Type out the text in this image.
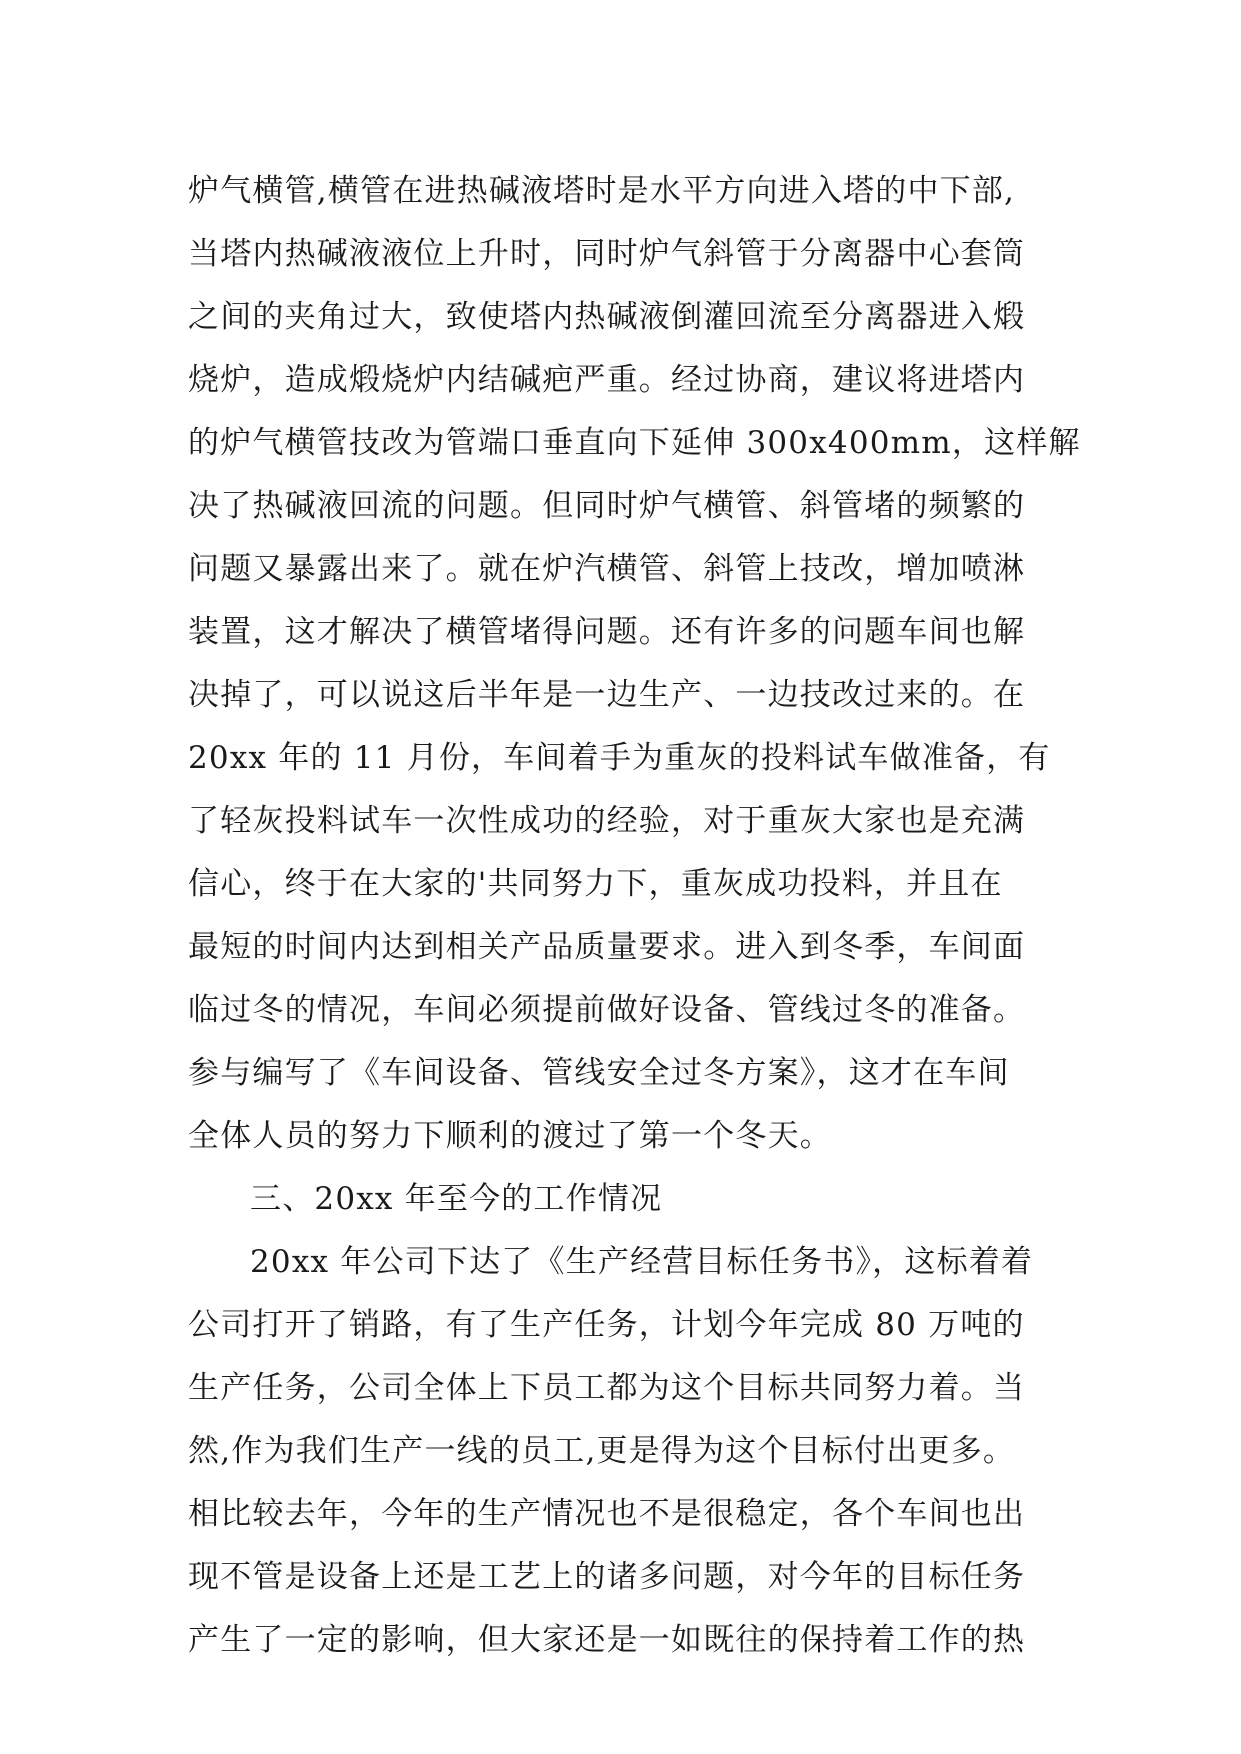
炉气横管,横管在进热碱液塔时是水平方向进入塔的中下部,
当塔内热碱液液位上升时，同时炉气斜管于分离器中心套筒
之间的夹角过大，致使塔内热碱液倒灌回流至分离器进入煅
烧炉，造成煅烧炉内结碱疤严重。经过协商，建议将进塔内
的炉气横管技改为管端口垂直向下延伸 300x400mm，这样解
决了热碱液回流的问题。但同时炉气横管、斜管堵的频繁的
问题又暴露出来了。就在炉汽横管、斜管上技改，增加喷淋
装置，这才解决了横管堵得问题。还有许多的问题车间也解
决掉了，可以说这后半年是一边生产、一边技改过来的。在
20xx 年的 11 月份，车间着手为重灰的投料试车做准备，有
了轻灰投料试车一次性成功的经验，对于重灰大家也是充满
信心，终于在大家的'共同努力下，重灰成功投料，并且在
最短的时间内达到相关产品质量要求。进入到冬季，车间面
临过冬的情况，车间必须提前做好设备、管线过冬的准备。
参与编写了《车间设备、管线安全过冬方案》，这才在车间
全体人员的努力下顺利的渡过了第一个冬天。
三、20xx 年至今的工作情况
20xx 年公司下达了《生产经营目标任务书》，这标着着
公司打开了销路，有了生产任务，计划今年完成 80 万吨的
生产任务，公司全体上下员工都为这个目标共同努力着。当
然,作为我们生产一线的员工,更是得为这个目标付出更多。
相比较去年，今年的生产情况也不是很稳定，各个车间也出
现不管是设备上还是工艺上的诸多问题，对今年的目标任务
产生了一定的影响，但大家还是一如既往的保持着工作的热
